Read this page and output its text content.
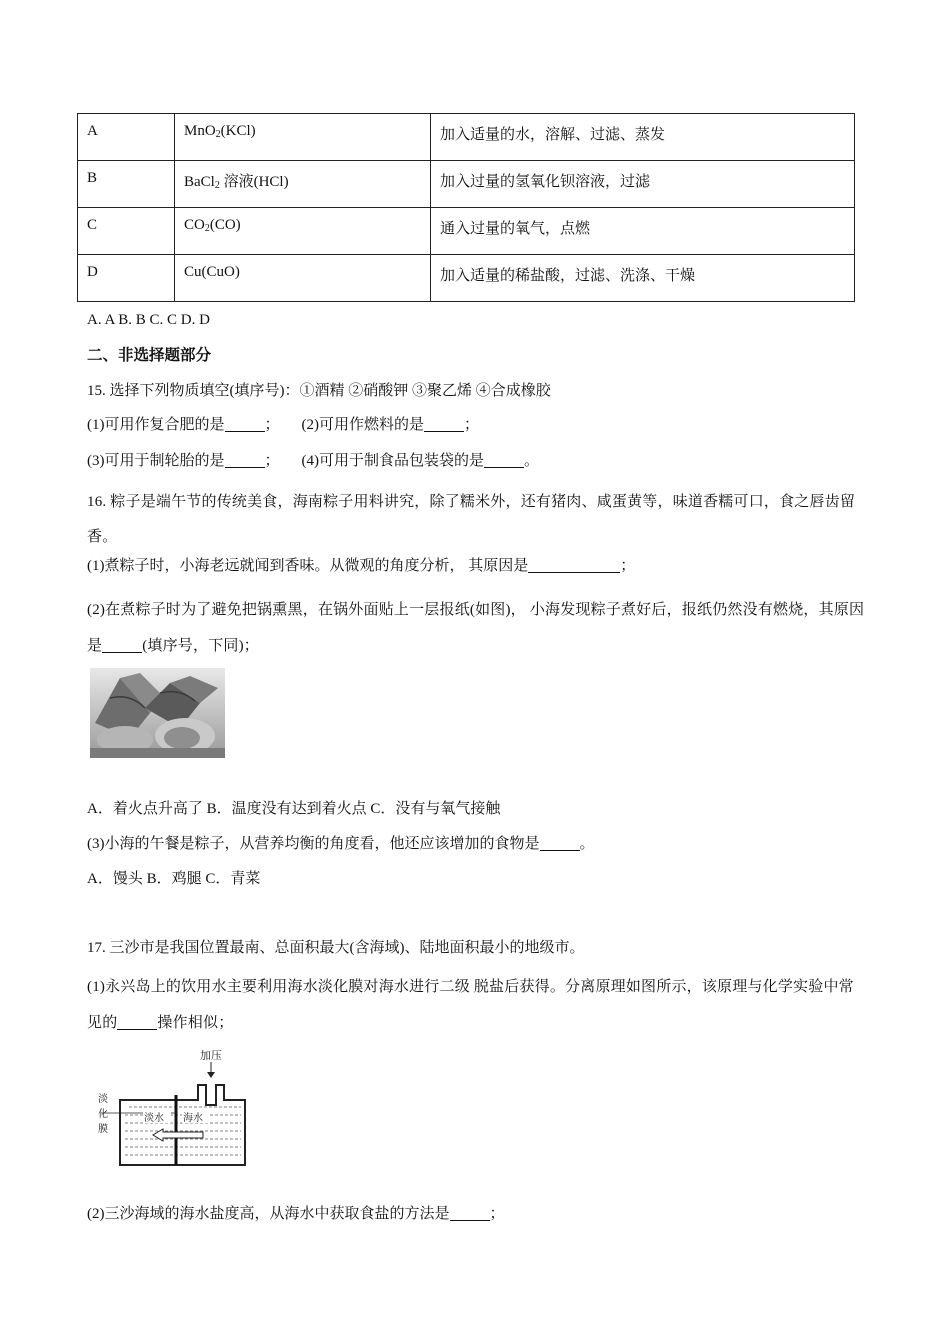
A	MnO$_2$(KCl)	加入适量的水，溶解、过滤、蒸发
B	BaCl$_2$ 溶液(HCl)	加入过量的氢氧化钡溶液，过滤
C	$CO_2(CO)$	通入过量的氧气，点燃
D	Cu(CuO)	加入适量的稀盐酸，过滤、洗涤、干燥
A. A B. B C. C D. D
二、非选择题部分
15. 选择下列物质填空(填序号)：①酒精 ②硝酸钾 ③聚乙烯 ④合成橡胶
(1)可用作复合肥的是	； (2)可用作燃料的是	；
(3)可用于制轮胎的是	； (4)可用于制食品包装袋的是	。
16. 粽子是端午节的传统美食，海南粽子用料讲究，除了糯米外，还有猪肉、咸蛋黄等，味道香糯可口，食之唇齿留香。
(1)煮粽子时，小海老远就闻到香味。从微观的角度分析， 其原因是	；
(2)在煮粽子时为了避免把锅熏黑，在锅外面贴上一层报纸(如图)， 小海发现粽子煮好后，报纸仍然没有燃烧，其原因是	(填序号，下同)；
A．着火点升高了 B．温度没有达到着火点 C．没有与氧气接触
(3)小海的午餐是粽子，从营养均衡的角度看，他还应该增加的食物是	。
A．馒头 B．鸡腿 C．青菜
17. 三沙市是我国位置最南、总面积最大(含海域)、陆地面积最小的地级市。
(1)永兴岛上的饮用水主要利用海水淡化膜对海水进行二级 脱盐后获得。分离原理如图所示，该原理与化学实验中常见的	操作相似；
加压
淡
化
膜
淡水 海水
(2)三沙海域的海水盐度高，从海水中获取食盐的方法是	；
